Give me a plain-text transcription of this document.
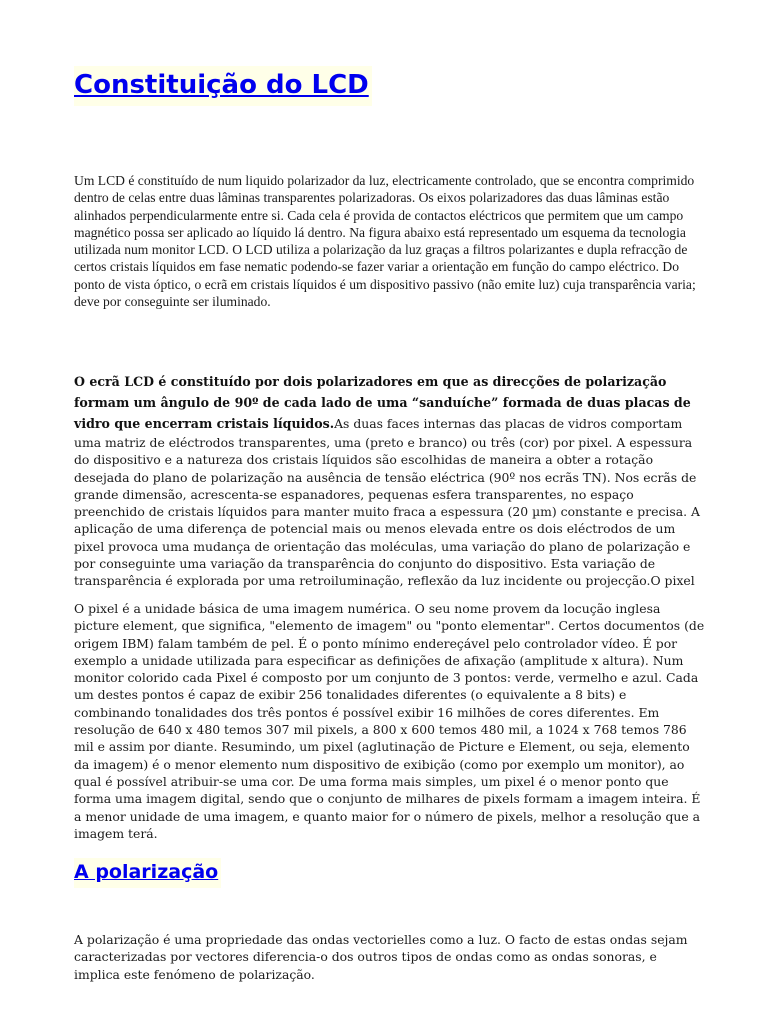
Constituição do LCD

Um LCD é constituído de num liquido polarizador da luz, electricamente controlado, que se encontra comprimido dentro de celas entre duas lâminas transparentes polarizadoras. Os eixos polarizadores das duas lâminas estão alinhados perpendicularmente entre si. Cada cela é provida de contactos eléctricos que permitem que um campo magnético possa ser aplicado ao líquido lá dentro. Na figura abaixo está representado um esquema da tecnologia utilizada num monitor LCD. O LCD utiliza a polarização da luz graças a filtros polarizantes e dupla refracção de certos cristais líquidos em fase nematic podendo-se fazer variar a orientação em função do campo eléctrico. Do ponto de vista óptico, o ecrã em cristais líquidos é um dispositivo passivo (não emite luz) cuja transparência varia; deve por conseguinte ser iluminado.

O ecrã LCD é constituído por dois polarizadores em que as direcções de polarização formam um ângulo de 90º de cada lado de uma “sanduíche” formada de duas placas de vidro que encerram cristais líquidos.As duas faces internas das placas de vidros comportam uma matriz de eléctrodos transparentes, uma (preto e branco) ou três (cor) por pixel. A espessura do dispositivo e a natureza dos cristais líquidos são escolhidas de maneira a obter a rotação desejada do plano de polarização na ausência de tensão eléctrica (90º nos ecrãs TN). Nos ecrãs de grande dimensão, acrescenta-se espanadores, pequenas esfera transparentes, no espaço preenchido de cristais líquidos para manter muito fraca a espessura (20 µm) constante e precisa. A aplicação de uma diferença de potencial mais ou menos elevada entre os dois eléctrodos de um pixel provoca uma mudança de orientação das moléculas, uma variação do plano de polarização e por conseguinte uma variação da transparência do conjunto do dispositivo. Esta variação de transparência é explorada por uma retroiluminação, reflexão da luz incidente ou projecção.O pixel

O pixel é a unidade básica de uma imagem numérica. O seu nome provem da locução inglesa picture element, que significa, "elemento de imagem" ou "ponto elementar". Certos documentos (de origem IBM) falam também de pel. É o ponto mínimo endereçável pelo controlador vídeo. É por exemplo a unidade utilizada para especificar as definições de afixação (amplitude x altura). Num monitor colorido cada Pixel é composto por um conjunto de 3 pontos: verde, vermelho e azul. Cada um destes pontos é capaz de exibir 256 tonalidades diferentes (o equivalente a 8 bits) e combinando tonalidades dos três pontos é possível exibir 16 milhões de cores diferentes. Em resolução de 640 x 480 temos 307 mil pixels, a 800 x 600 temos 480 mil, a 1024 x 768 temos 786 mil e assim por diante. Resumindo, um pixel (aglutinação de Picture e Element, ou seja, elemento da imagem) é o menor elemento num dispositivo de exibição (como por exemplo um monitor), ao qual é possível atribuir-se uma cor. De uma forma mais simples, um pixel é o menor ponto que forma uma imagem digital, sendo que o conjunto de milhares de pixels formam a imagem inteira. É a menor unidade de uma imagem, e quanto maior for o número de pixels, melhor a resolução que a imagem terá.

A polarização

A polarização é uma propriedade das ondas vectorielles como a luz. O facto de estas ondas sejam caracterizadas por vectores diferencia-o dos outros tipos de ondas como as ondas sonoras, e implica este fenómeno de polarização.
